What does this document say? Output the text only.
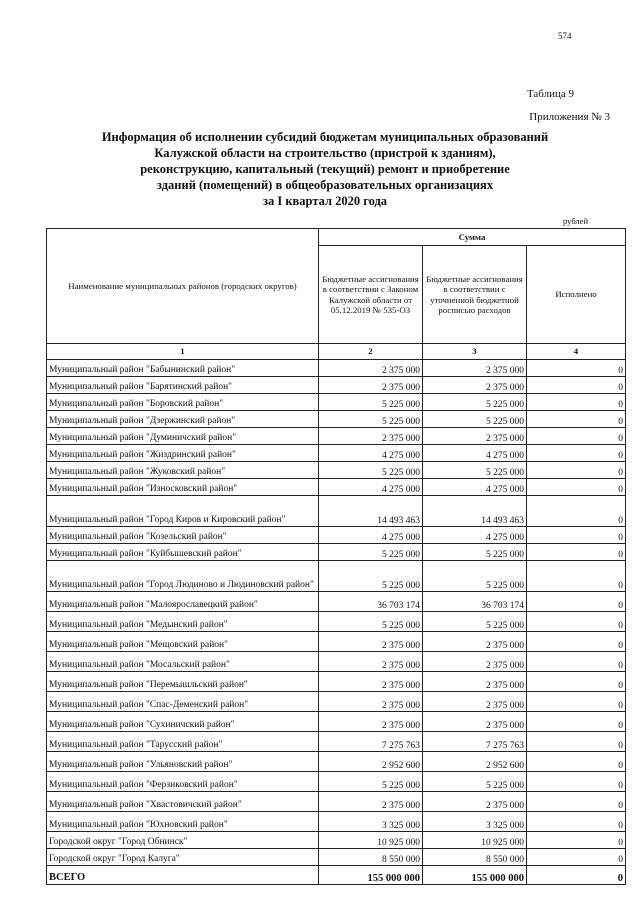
574
Таблица 9
Приложения № 3
Информация об исполнении субсидий бюджетам муниципальных образований
Калужской области на строительство (пристрой к зданиям),
реконструкцию, капитальный (текущий) ремонт и приобретение
зданий (помещений) в общеобразовательных организациях
за I квартал 2020 года
рублей
Наименование муниципальных районов (городских округов)	Сумма		
	Бюджетные ассигнования в соответствии с Законом Калужской области от 05.12.2019 № 535-ОЗ	Бюджетные ассигнования в соответствии с уточненной бюджетной росписью расходов	Исполнено
1	2	3	4
Муниципальный район "Бабынинский район"	2 375 000	2 375 000	0
Муниципальный район "Барятинский район"	2 375 000	2 375 000	0
Муниципальный район "Боровский район"	5 225 000	5 225 000	0
Муниципальный район "Дзержинский район"	5 225 000	5 225 000	0
Муниципальный район "Думиничский район"	2 375 000	2 375 000	0
Муниципальный район "Жиздринский район"	4 275 000	4 275 000	0
Муниципальный район "Жуковский район"	5 225 000	5 225 000	0
Муниципальный район "Износковский район"	4 275 000	4 275 000	0
Муниципальный район "Город Киров и Кировский район"	14 493 463	14 493 463	0
Муниципальный район "Козельский район"	4 275 000	4 275 000	0
Муниципальный район "Куйбышевский район"	5 225 000	5 225 000	0
Муниципальный район "Город Людиново и Людиновский район"	5 225 000	5 225 000	0
Муниципальный район "Малоярославецкий район"	36 703 174	36 703 174	0
Муниципальный район "Медынский район"	5 225 000	5 225 000	0
Муниципальный район "Мещовский район"	2 375 000	2 375 000	0
Муниципальный район "Мосальский район"	2 375 000	2 375 000	0
Муниципальный район "Перемышльский район"	2 375 000	2 375 000	0
Муниципальный район "Спас-Деменский район"	2 375 000	2 375 000	0
Муниципальный район "Сухиничский район"	2 375 000	2 375 000	0
Муниципальный район "Тарусский район"	7 275 763	7 275 763	0
Муниципальный район "Ульяновский район"	2 952 600	2 952 600	0
Муниципальный район "Ферзиковский район"	5 225 000	5 225 000	0
Муниципальный район "Хвастовичский район"	2 375 000	2 375 000	0
Муниципальный район "Юхновский район"	3 325 000	3 325 000	0
Городской округ "Город Обнинск"	10 925 000	10 925 000	0
Городской округ "Город Калуга"	8 550 000	8 550 000	0
ВСЕГО	155 000 000	155 000 000	0
